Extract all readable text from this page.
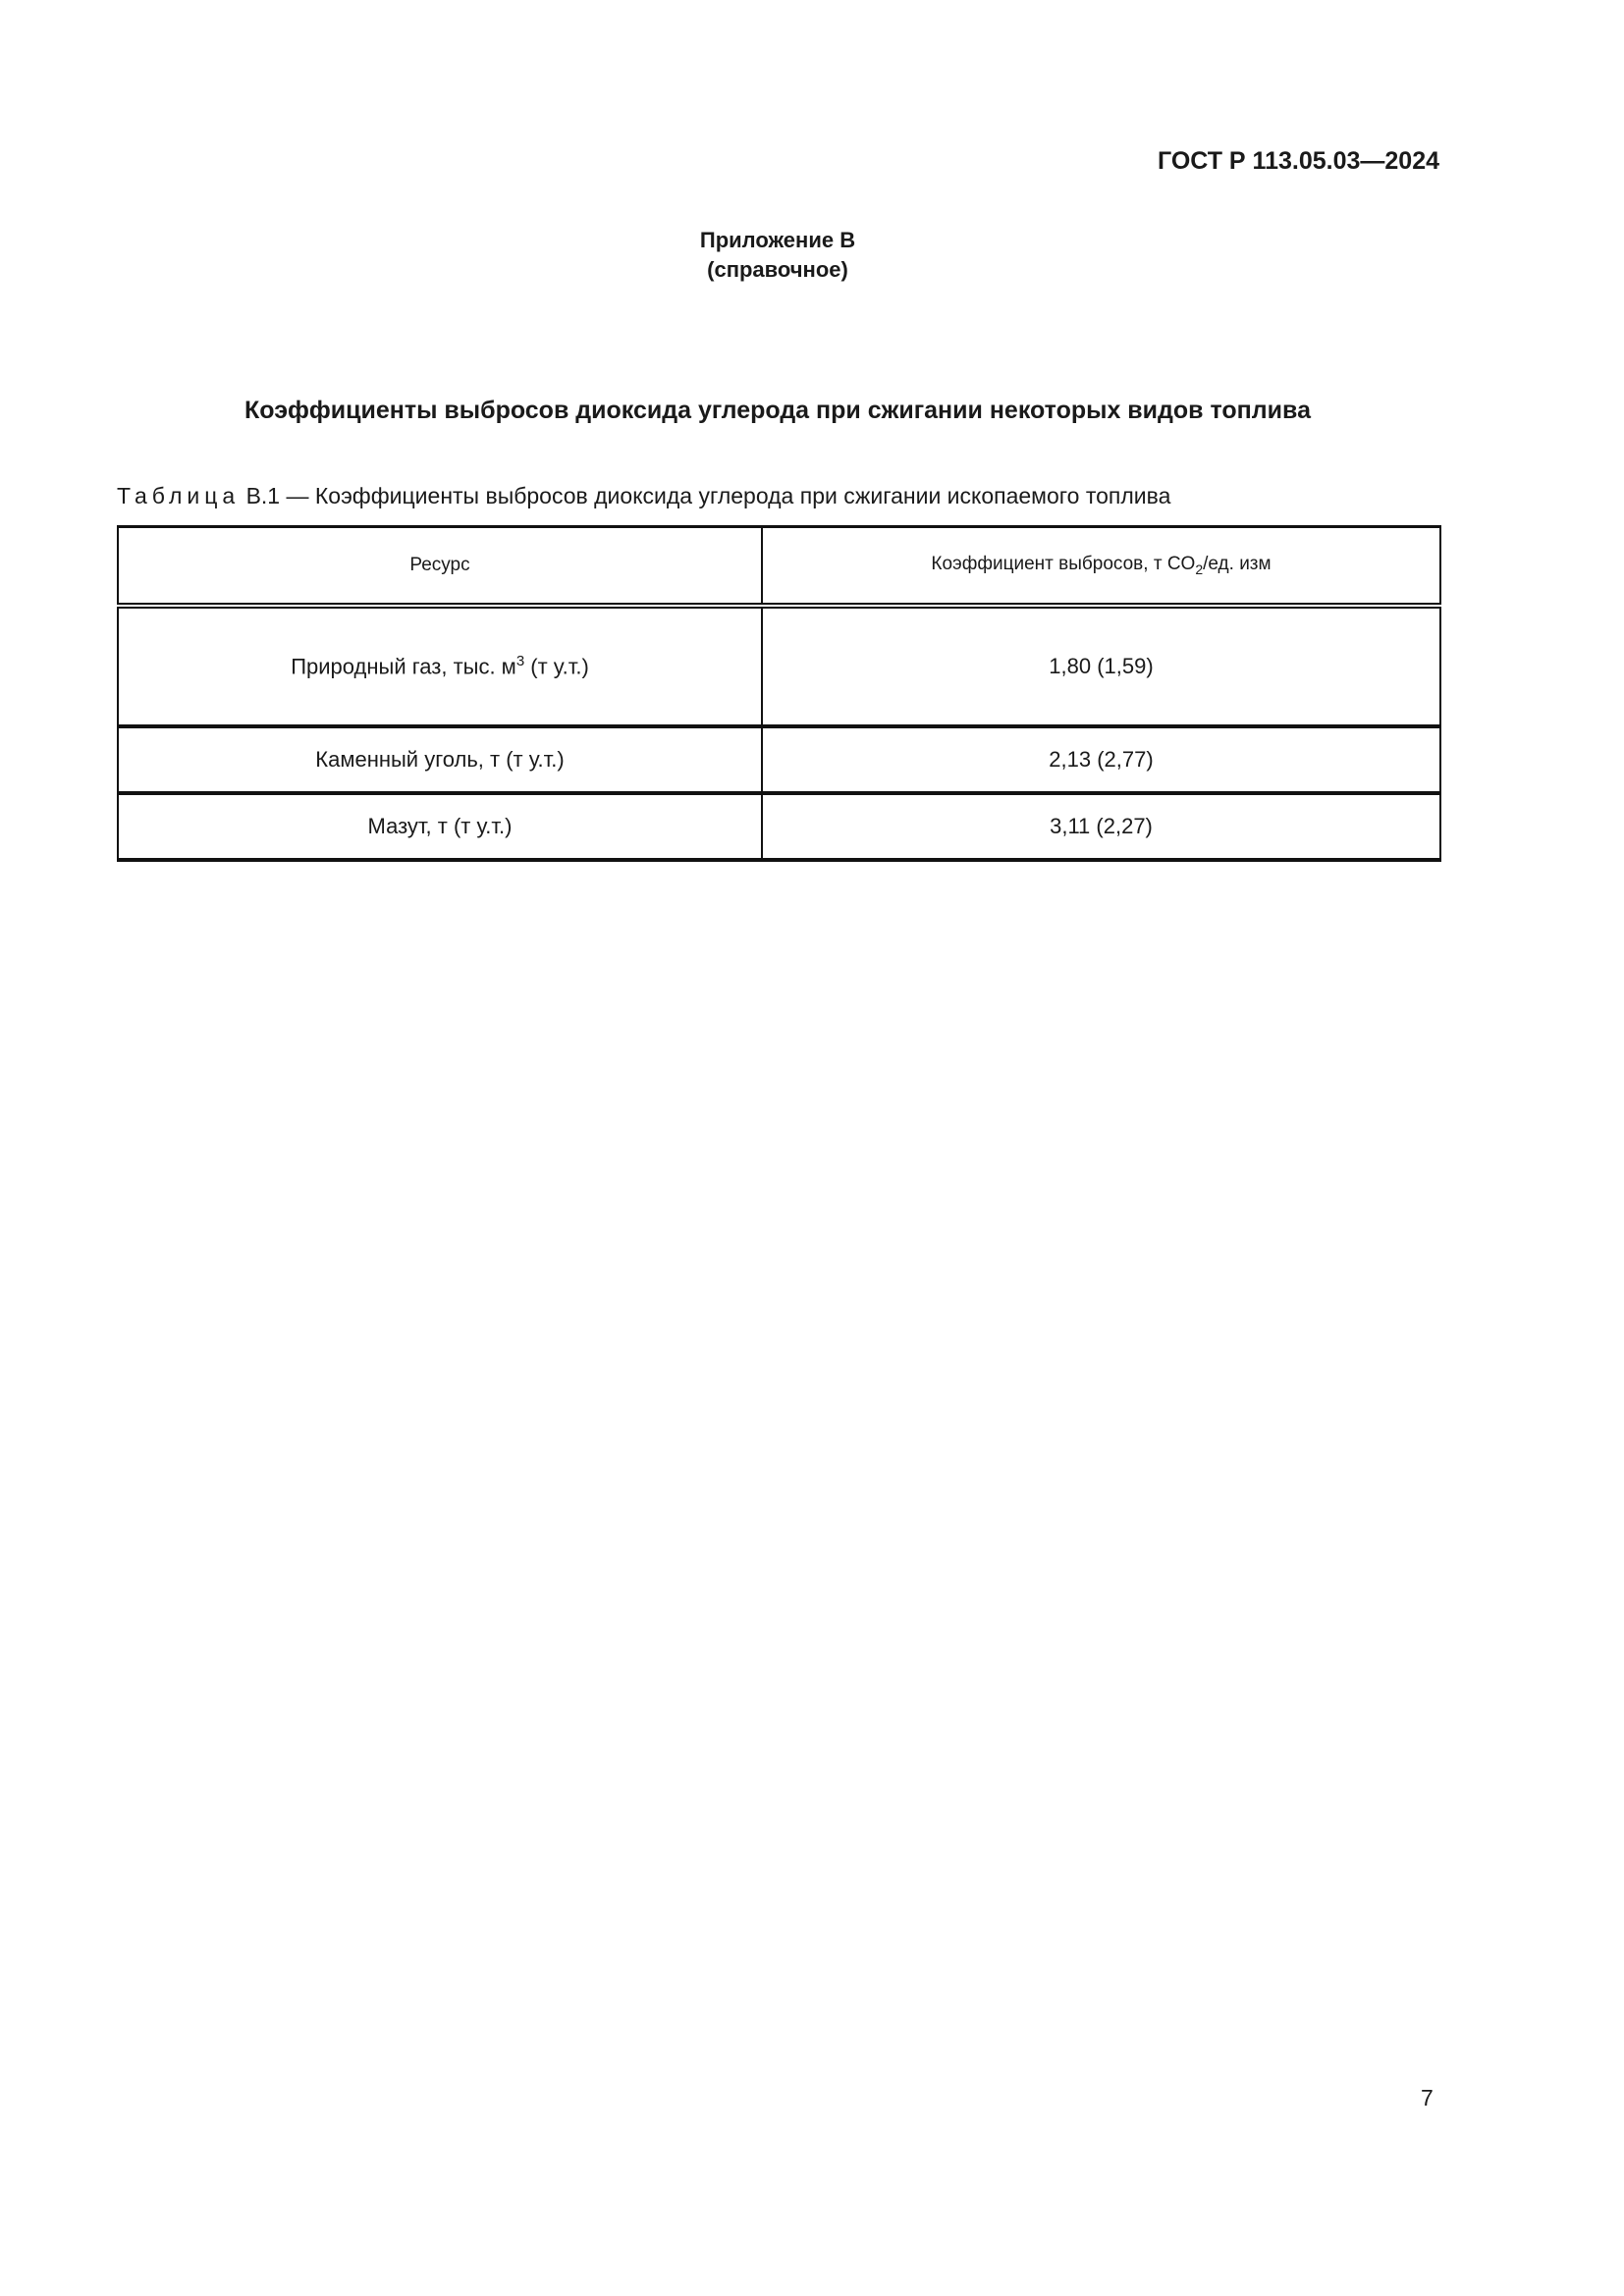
ГОСТ Р 113.05.03—2024
Приложение В
(справочное)
Коэффициенты выбросов диоксида углерода при сжигании некоторых видов топлива
Таблица В.1 — Коэффициенты выбросов диоксида углерода при сжигании ископаемого топлива
Ресурс	Коэффициент выбросов, т $CO_2/ед$. изм
Природный газ, тыс. $м^3$ (т у.т.)	1,80 (1,59)
Каменный уголь, т (т у.т.)	2,13 (2,77)
Мазут, т (т у.т.)	3,11 (2,27)
7
